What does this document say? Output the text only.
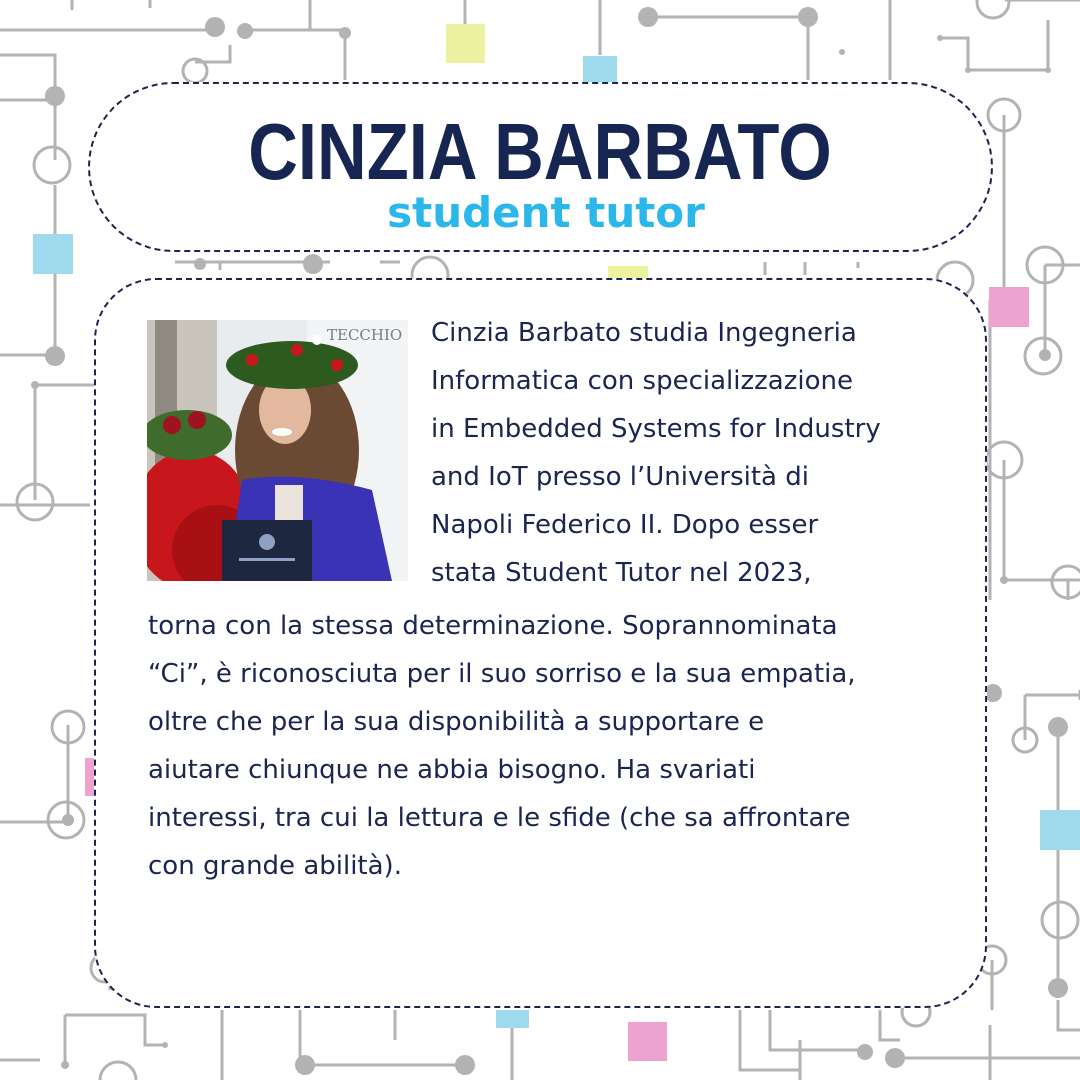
CINZIA BARBATO
student tutor
TECCHIO Cinzia Barbato studia Ingegneria
Informatica con specializzazione
in Embedded Systems for Industry
and IoT presso l’Università di
Napoli Federico II. Dopo esser
stata Student Tutor nel 2023,
torna con la stessa determinazione. Soprannominata
“Ci”, è riconosciuta per il suo sorriso e la sua empatia,
oltre che per la sua disponibilità a supportare e
aiutare chiunque ne abbia bisogno. Ha svariati
interessi, tra cui la lettura e le sfide (che sa affrontare
con grande abilità).
